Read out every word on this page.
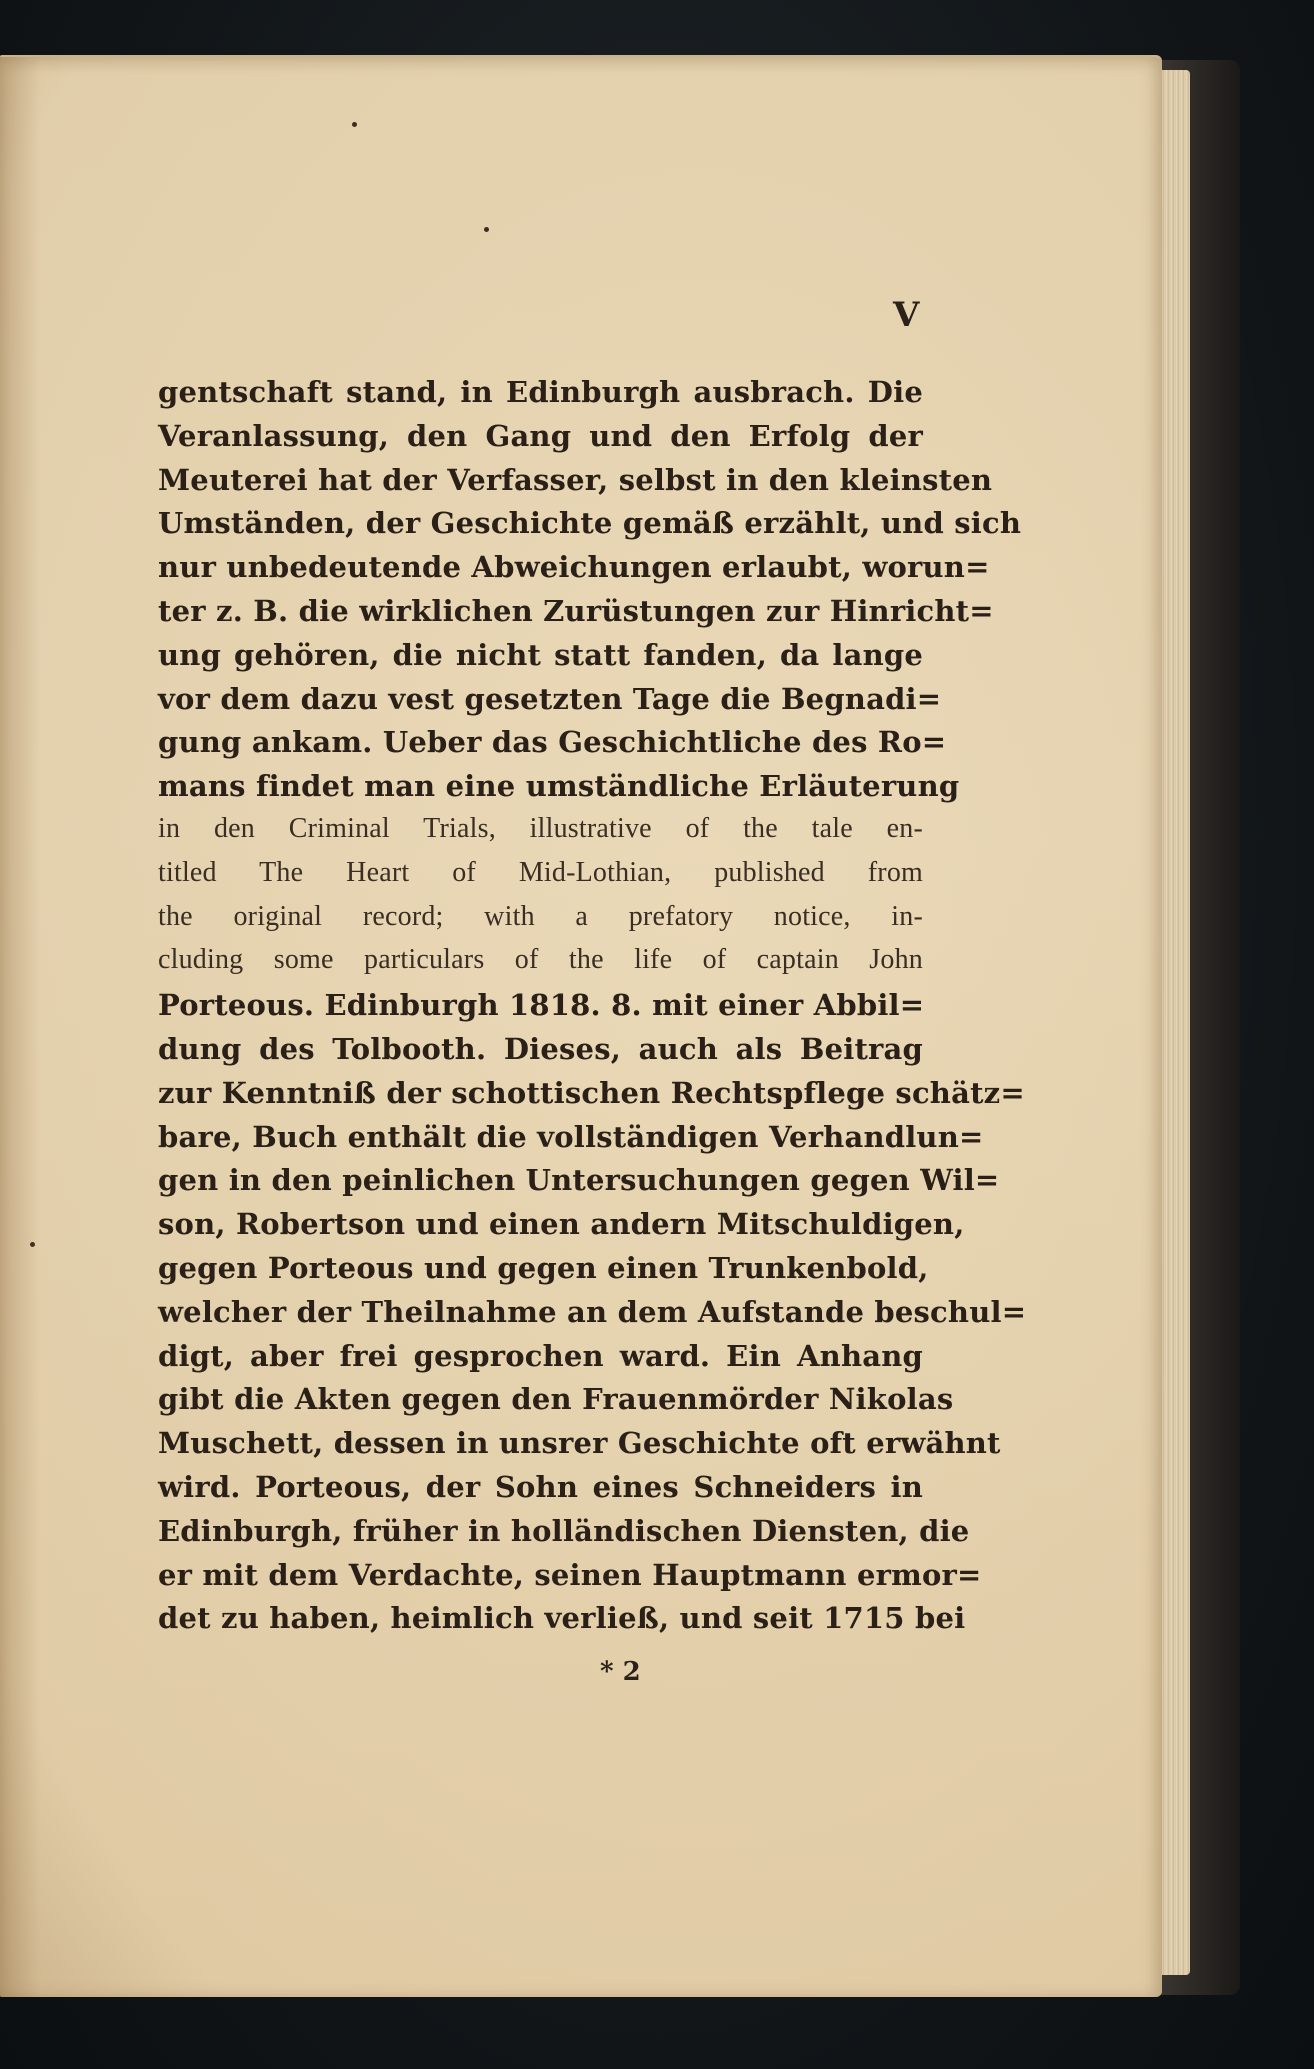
V
gentschaft stand, in Edinburgh ausbrach. Die
Veranlassung, den Gang und den Erfolg der
Meuterei hat der Verfasser, selbst in den kleinsten
Umständen, der Geschichte gemäß erzählt, und sich
nur unbedeutende Abweichungen erlaubt, worun=
ter z. B. die wirklichen Zurüstungen zur Hinricht=
ung gehören, die nicht statt fanden, da lange
vor dem dazu vest gesetzten Tage die Begnadi=
gung ankam. Ueber das Geschichtliche des Ro=
mans findet man eine umständliche Erläuterung
in den Criminal Trials, illustrative of the tale en-
titled The Heart of Mid-Lothian, published from
the original record; with a prefatory notice, in-
cluding some particulars of the life of captain John
Porteous. Edinburgh 1818. 8. mit einer Abbil=
dung des Tolbooth. Dieses, auch als Beitrag
zur Kenntniß der schottischen Rechtspflege schätz=
bare, Buch enthält die vollständigen Verhandlun=
gen in den peinlichen Untersuchungen gegen Wil=
son, Robertson und einen andern Mitschuldigen,
gegen Porteous und gegen einen Trunkenbold,
welcher der Theilnahme an dem Aufstande beschul=
digt, aber frei gesprochen ward. Ein Anhang
gibt die Akten gegen den Frauenmörder Nikolas
Muschett, dessen in unsrer Geschichte oft erwähnt
wird. Porteous, der Sohn eines Schneiders in
Edinburgh, früher in holländischen Diensten, die
er mit dem Verdachte, seinen Hauptmann ermor=
det zu haben, heimlich verließ, und seit 1715 bei
* 2
